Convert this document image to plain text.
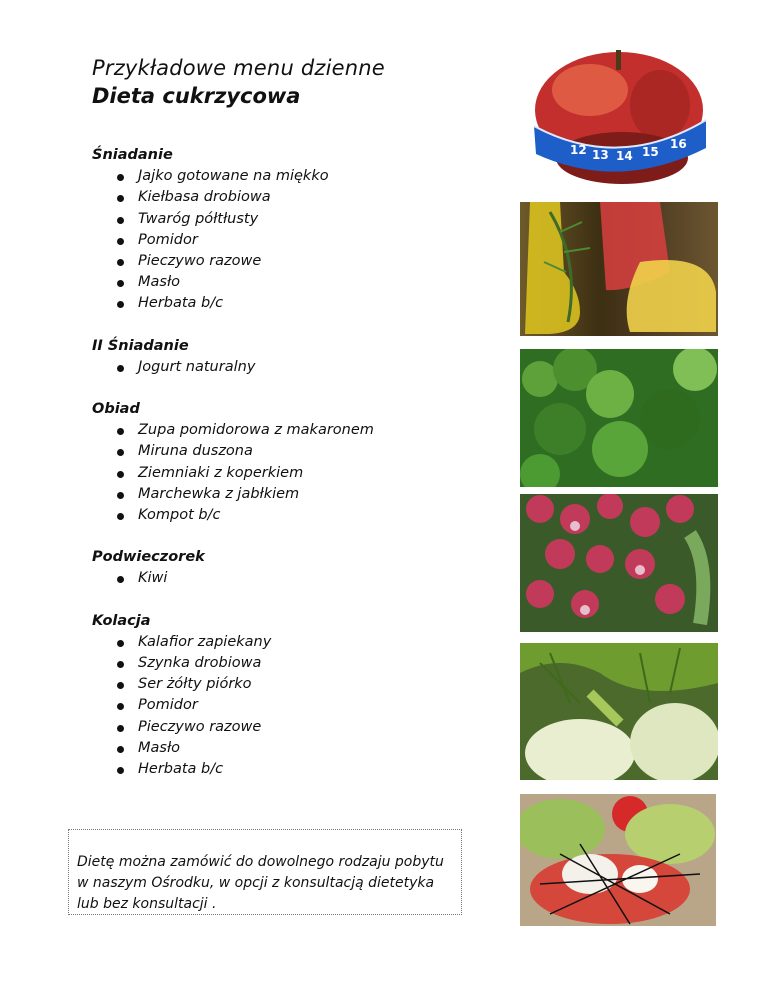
Przykładowe menu dzienne
Dieta cukrzycowa
Śniadanie
Jajko gotowane na miękko
Kiełbasa drobiowa
Twaróg półtłusty
Pomidor
Pieczywo razowe
Masło
Herbata b/c
II Śniadanie
Jogurt naturalny
Obiad
Zupa pomidorowa z makaronem
Miruna duszona
Ziemniaki z koperkiem
Marchewka z jabłkiem
Kompot b/c
Podwieczorek
Kiwi
Kolacja
Kalafior zapiekany
Szynka drobiowa
Ser żółty piórko
Pomidor
Pieczywo razowe
Masło
Herbata b/c

Dietę można zamówić do dowolnego rodzaju pobytu
w naszym Ośrodku, w opcji z konsultacją dietetyka
lub bez konsultacji .

12 13 14 15
16
